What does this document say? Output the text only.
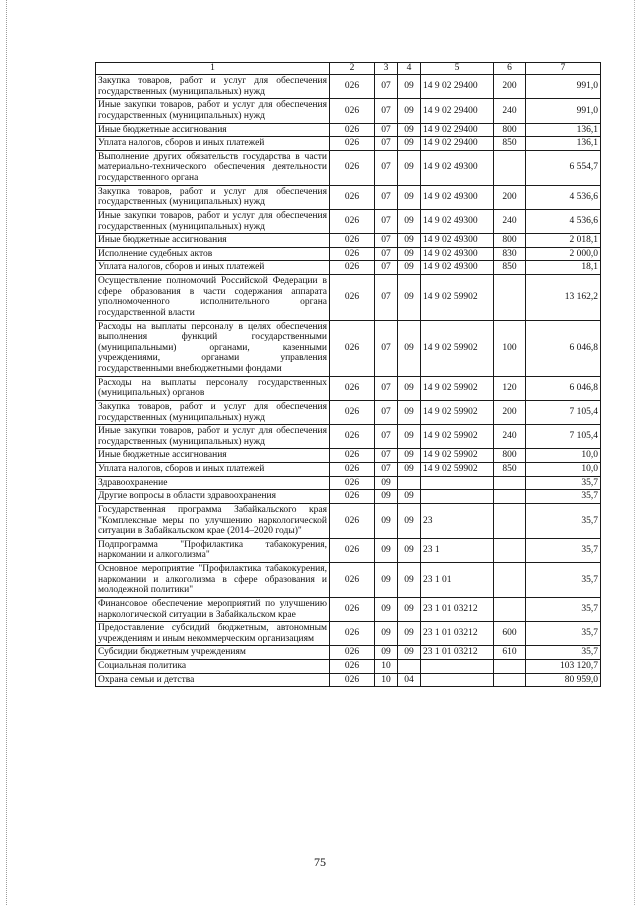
1	2	3	4	5	6	7
Закупка товаров, работ и услуг для обеспечения государственных (муниципальных) нужд	026	07	09	14 9 02 29400	200	991,0
Иные закупки товаров, работ и услуг для обеспечения государственных (муниципальных) нужд	026	07	09	14 9 02 29400	240	991,0
Иные бюджетные ассигнования	026	07	09	14 9 02 29400	800	136,1
Уплата налогов, сборов и иных платежей	026	07	09	14 9 02 29400	850	136,1
Выполнение других обязательств государства в части материально-технического обеспечения деятельности государственного органа	026	07	09	14 9 02 49300		6 554,7
Закупка товаров, работ и услуг для обеспечения государственных (муниципальных) нужд	026	07	09	14 9 02 49300	200	4 536,6
Иные закупки товаров, работ и услуг для обеспечения государственных (муниципальных) нужд	026	07	09	14 9 02 49300	240	4 536,6
Иные бюджетные ассигнования	026	07	09	14 9 02 49300	800	2 018,1
Исполнение судебных актов	026	07	09	14 9 02 49300	830	2 000,0
Уплата налогов, сборов и иных платежей	026	07	09	14 9 02 49300	850	18,1
Осуществление полномочий Российской Федерации в сфере образования в части содержания аппарата уполномоченного исполнительного органа государственной власти	026	07	09	14 9 02 59902		13 162,2
Расходы на выплаты персоналу в целях обеспечения выполнения функций государственными (муниципальными) органами, казенными учреждениями, органами управления государственными внебюджетными фондами	026	07	09	14 9 02 59902	100	6 046,8
Расходы на выплаты персоналу государственных (муниципальных) органов	026	07	09	14 9 02 59902	120	6 046,8
Закупка товаров, работ и услуг для обеспечения государственных (муниципальных) нужд	026	07	09	14 9 02 59902	200	7 105,4
Иные закупки товаров, работ и услуг для обеспечения государственных (муниципальных) нужд	026	07	09	14 9 02 59902	240	7 105,4
Иные бюджетные ассигнования	026	07	09	14 9 02 59902	800	10,0
Уплата налогов, сборов и иных платежей	026	07	09	14 9 02 59902	850	10,0
Здравоохранение	026	09				35,7
Другие вопросы в области здравоохранения	026	09	09			35,7
Государственная программа Забайкальского края "Комплексные меры по улучшению наркологической ситуации в Забайкальском крае (2014–2020 годы)"	026	09	09	23		35,7
Подпрограмма "Профилактика табакокурения, наркомании и алкоголизма"	026	09	09	23 1		35,7
Основное мероприятие "Профилактика табакокурения, наркомании и алкоголизма в сфере образования и молодежной политики"	026	09	09	23 1 01		35,7
Финансовое обеспечение мероприятий по улучшению наркологической ситуации в Забайкальском крае	026	09	09	23 1 01 03212		35,7
Предоставление субсидий бюджетным, автономным учреждениям и иным некоммерческим организациям	026	09	09	23 1 01 03212	600	35,7
Субсидии бюджетным учреждениям	026	09	09	23 1 01 03212	610	35,7
Социальная политика	026	10				103 120,7
Охрана семьи и детства	026	10	04			80 959,0
75
